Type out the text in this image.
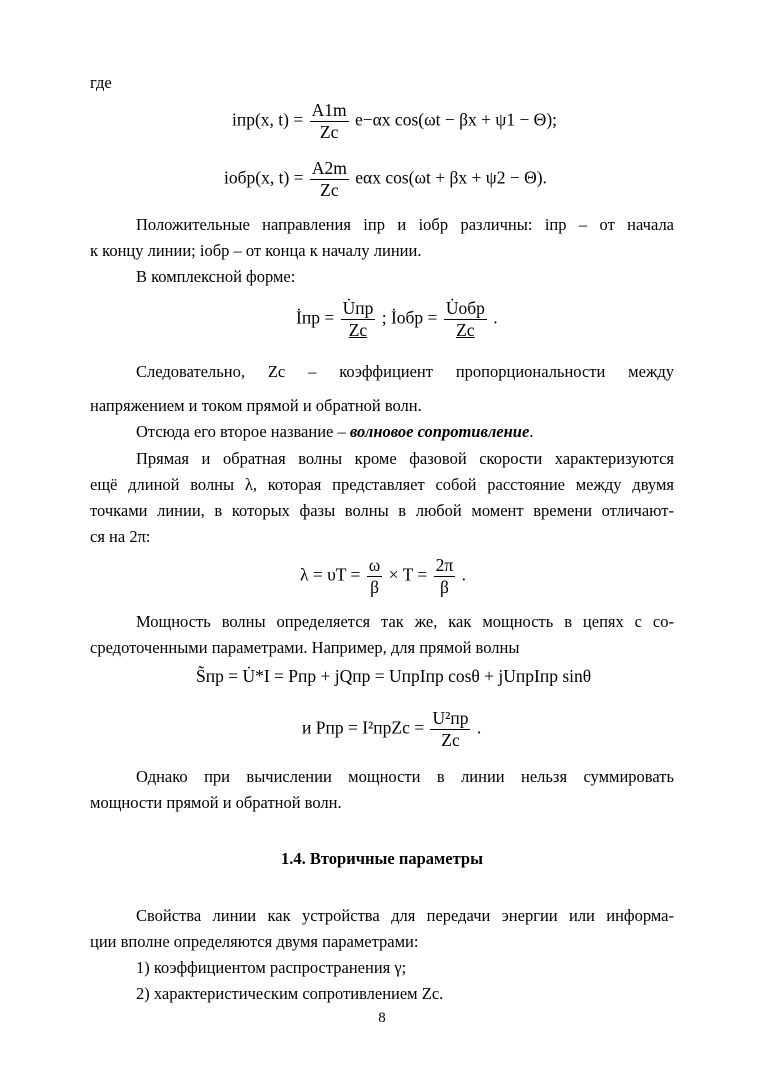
где
iпр(x, $t) = \frac{A1m}{Zc} e-\alpha x$ cos(ωt − βx + ψ1 − Θ);
iобр(x, $t) = \frac{A2m}{Zc}$ eαx cos(ωt + βx + ψ2 − Θ).
Положительные направления iпр и iобр различны: iпр – от начала
к концу линии; iобр – от конца к началу линии.
В комплексной форме:
İпр = $\frac{U̇пр}{Zc}$ ; İобр = $\frac{\text{U̇обр}}{Zc}$ .
Следовательно, Zc – коэффициент пропорциональности между
напряжением и током прямой и обратной волн.
Отсюда его второе название – волновое сопротивление.
Прямая и обратная волны кроме фазовой скорости характеризуются
ещё длиной волны λ, которая представляет собой расстояние между двумя
точками линии, в которых фазы волны в любой момент времени отличают-
ся на 2π:
$\lambda = \upsilon T = \frac{\omega}{\beta} \times T = \frac{2\pi}{\beta}$ .
Мощность волны определяется так же, как мощность в цепях с со-
средоточенными параметрами. Например, для прямой волны
S̃пр = U̇*I = Pпр + jQпр = UпрIпр cosθ + jUпрIпр sinθ
и Pпр = I²прZc = $\frac{\text{U²пр}}{Zc}$ .
Однако при вычислении мощности в линии нельзя суммировать
мощности прямой и обратной волн.
1.4. Вторичные параметры
Свойства линии как устройства для передачи энергии или информа-
ции вполне определяются двумя параметрами:
1) коэффициентом распространения γ;
2) характеристическим сопротивлением Zc.
8
